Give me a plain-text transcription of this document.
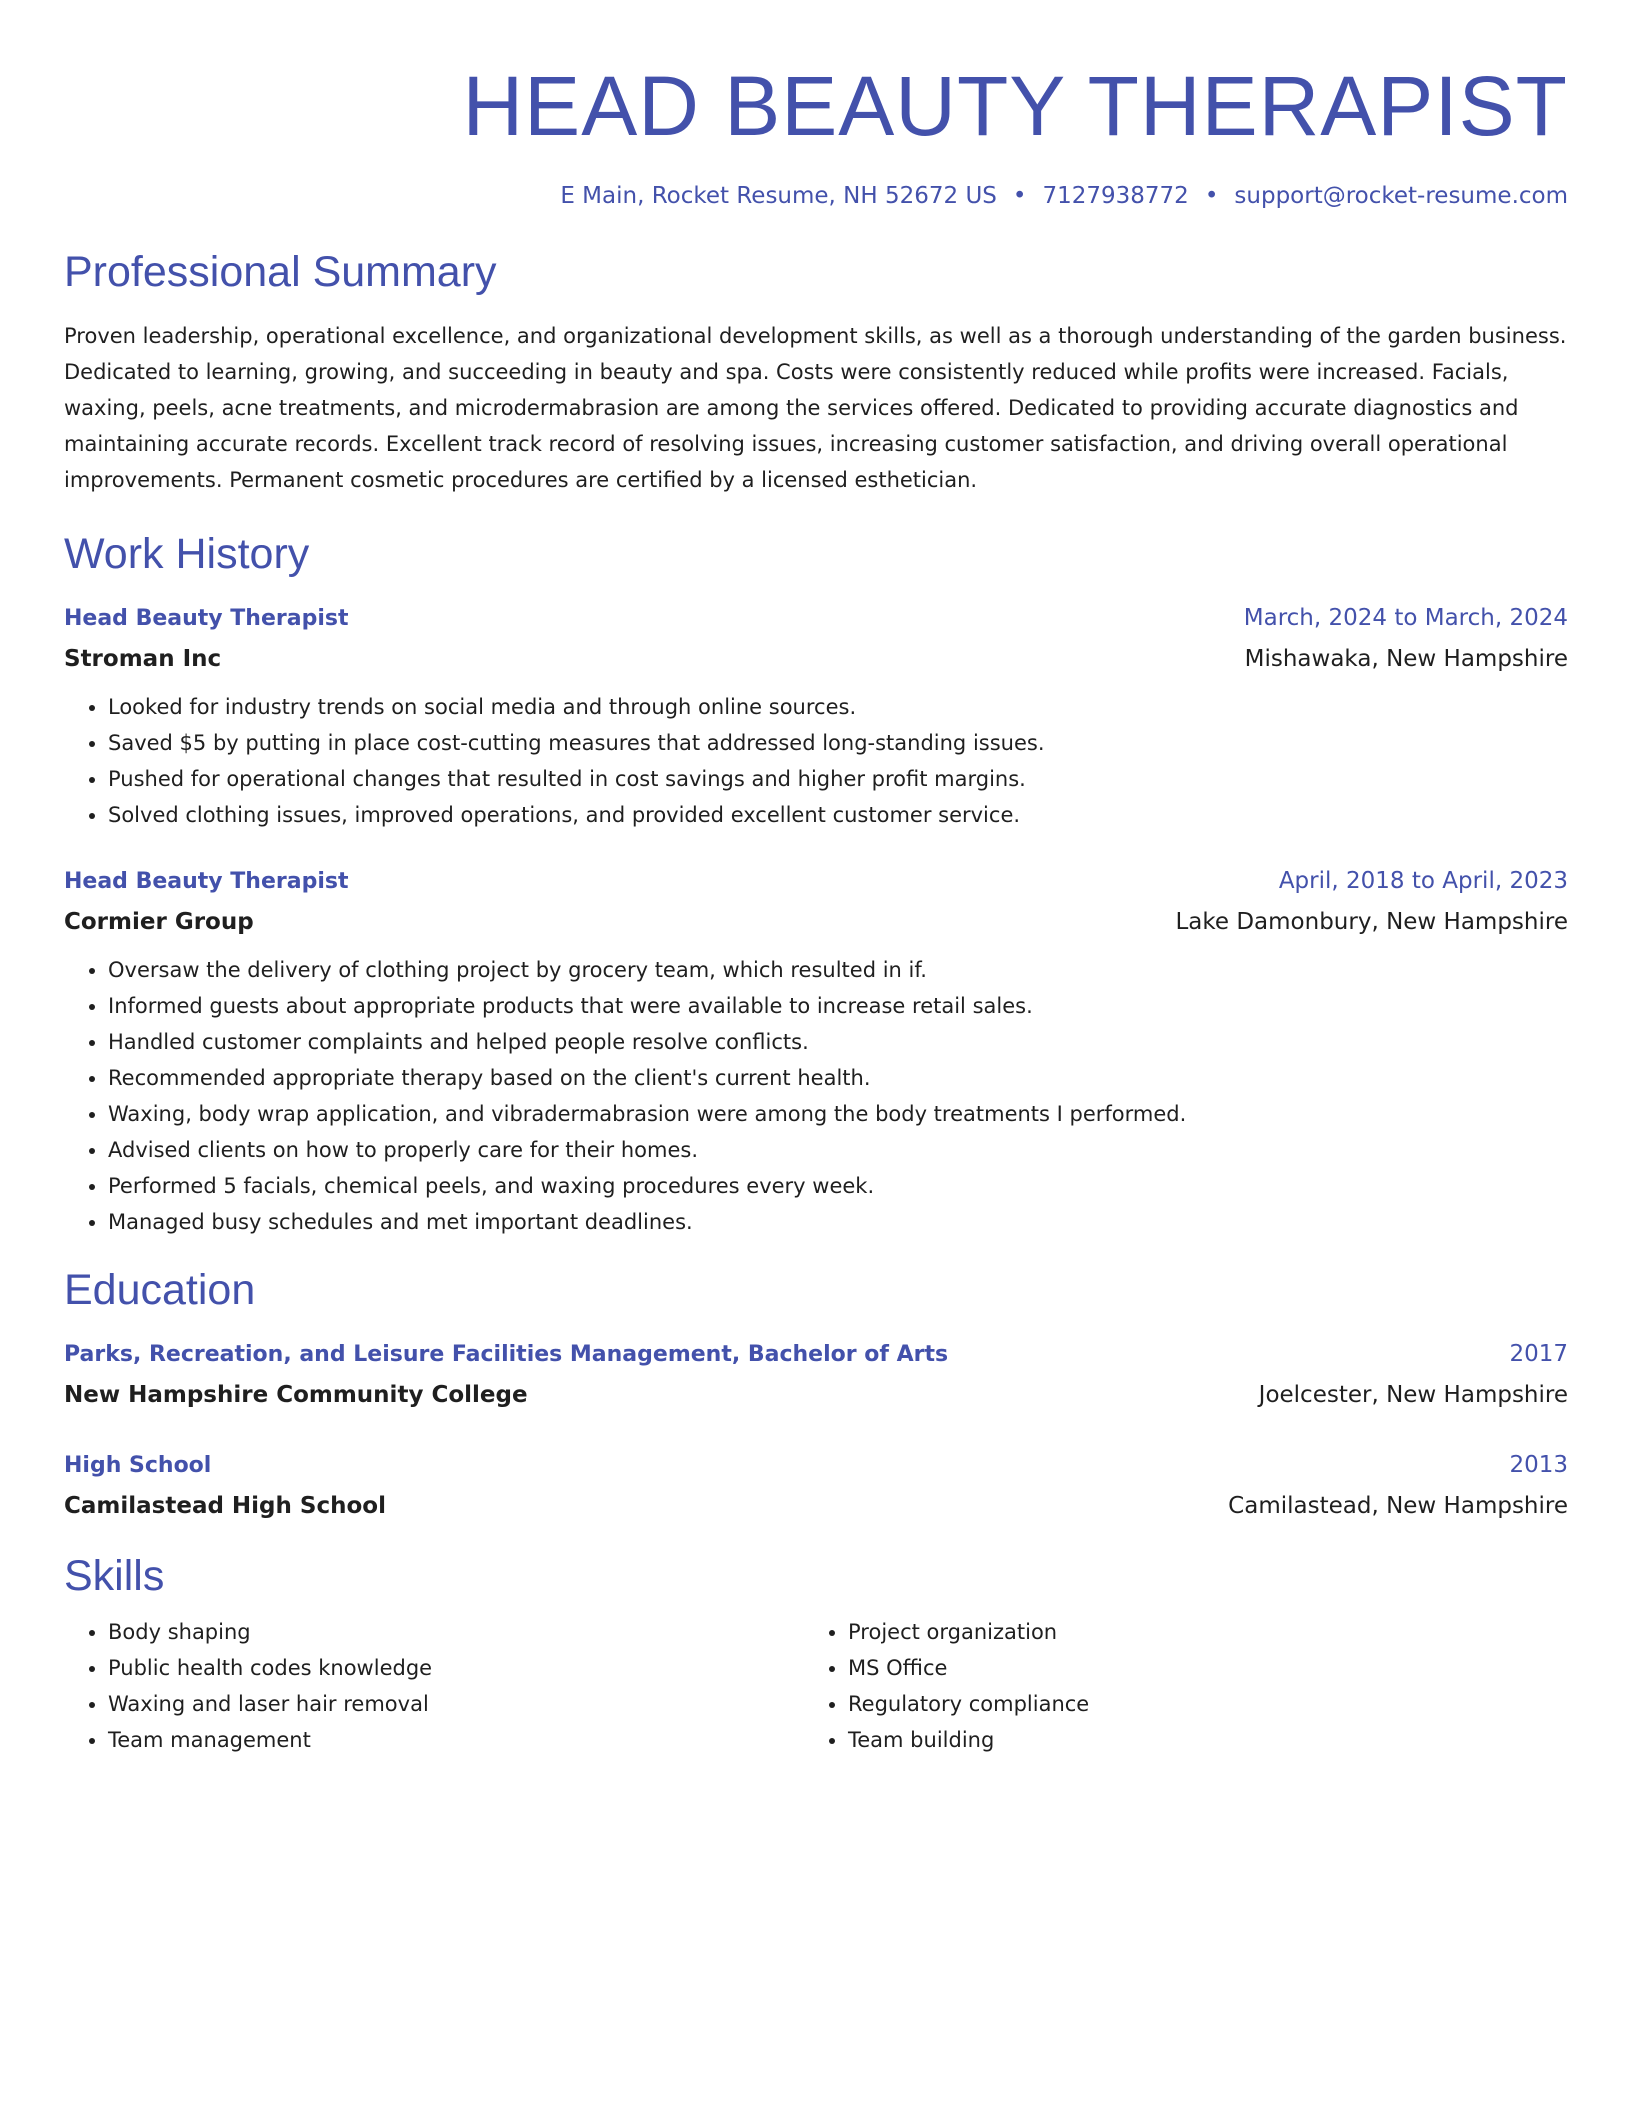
HEAD BEAUTY THERAPIST
E Main, Rocket Resume, NH 52672 US • 7127938772 • support@rocket-resume.com
Professional Summary

Proven leadership, operational excellence, and organizational development skills, as well as a thorough understanding of the garden business. Dedicated to learning, growing, and succeeding in beauty and spa. Costs were consistently reduced while profits were increased. Facials, waxing, peels, acne treatments, and microdermabrasion are among the services offered. Dedicated to providing accurate diagnostics and maintaining accurate records. Excellent track record of resolving issues, increasing customer satisfaction, and driving overall operational improvements. Permanent cosmetic procedures are certified by a licensed esthetician.

Work History
Head Beauty Therapist	March, 2024 to March, 2024
Stroman Inc	Mishawaka, New Hampshire
• Looked for industry trends on social media and through online sources.
• Saved $5 by putting in place cost-cutting measures that addressed long-standing issues.
• Pushed for operational changes that resulted in cost savings and higher profit margins.
• Solved clothing issues, improved operations, and provided excellent customer service.
Head Beauty Therapist	April, 2018 to April, 2023
Cormier Group	Lake Damonbury, New Hampshire
• Oversaw the delivery of clothing project by grocery team, which resulted in if.
• Informed guests about appropriate products that were available to increase retail sales.
• Handled customer complaints and helped people resolve conflicts.
• Recommended appropriate therapy based on the client's current health.
• Waxing, body wrap application, and vibradermabrasion were among the body treatments I performed.
• Advised clients on how to properly care for their homes.
• Performed 5 facials, chemical peels, and waxing procedures every week.
• Managed busy schedules and met important deadlines.
Education
Parks, Recreation, and Leisure Facilities Management, Bachelor of Arts	2017
New Hampshire Community College	Joelcester, New Hampshire
High School	2013
Camilastead High School	Camilastead, New Hampshire
Skills
• Body shaping
• Public health codes knowledge
• Waxing and laser hair removal
• Team management
• Project organization
• MS Office
• Regulatory compliance
• Team building
